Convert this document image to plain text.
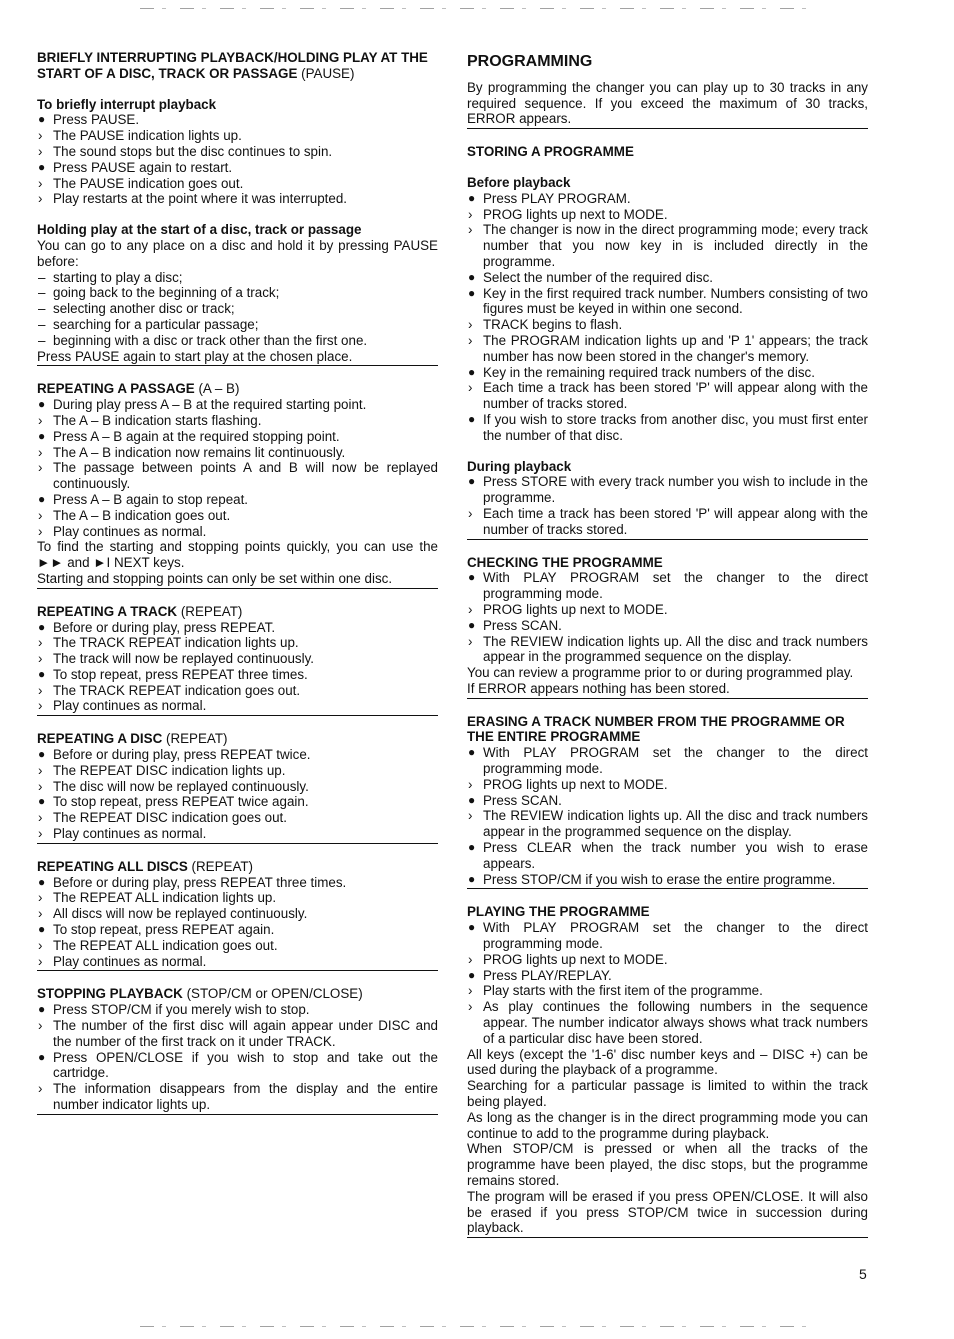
BRIEFLY INTERRUPTING PLAYBACK/HOLDING PLAY AT THE START OF A DISC, TRACK OR PASSAGE (PAUSE)

To briefly interrupt playback

● Press PAUSE.

› The PAUSE indication lights up.

› The sound stops but the disc continues to spin.

● Press PAUSE again to restart.

› The PAUSE indication goes out.

› Play restarts at the point where it was interrupted.

Holding play at the start of a disc, track or passage

You can go to any place on a disc and hold it by pressing PAUSE before:

– starting to play a disc;

– going back to the beginning of a track;

– selecting another disc or track;

– searching for a particular passage;

– beginning with a disc or track other than the first one.

Press PAUSE again to start play at the chosen place.

REPEATING A PASSAGE (A – B)

● During play press A – B at the required starting point.

› The A – B indication starts flashing.

● Press A – B again at the required stopping point.

› The A – B indication now remains lit continuously.

› The passage between points A and B will now be replayed continuously.

● Press A – B again to stop repeat.

› The A – B indication goes out.

› Play continues as normal.

To find the starting and stopping points quickly, you can use the ►► and ►I NEXT keys.

Starting and stopping points can only be set within one disc.

REPEATING A TRACK (REPEAT)

● Before or during play, press REPEAT.

› The TRACK REPEAT indication lights up.

› The track will now be replayed continuously.

● To stop repeat, press REPEAT three times.

› The TRACK REPEAT indication goes out.

› Play continues as normal.

REPEATING A DISC (REPEAT)

● Before or during play, press REPEAT twice.

› The REPEAT DISC indication lights up.

› The disc will now be replayed continuously.

● To stop repeat, press REPEAT twice again.

› The REPEAT DISC indication goes out.

› Play continues as normal.

REPEATING ALL DISCS (REPEAT)

● Before or during play, press REPEAT three times.

› The REPEAT ALL indication lights up.

› All discs will now be replayed continuously.

● To stop repeat, press REPEAT again.

› The REPEAT ALL indication goes out.

› Play continues as normal.

STOPPING PLAYBACK (STOP/CM or OPEN/CLOSE)

● Press STOP/CM if you merely wish to stop.

› The number of the first disc will again appear under DISC and the number of the first track on it under TRACK.

● Press OPEN/CLOSE if you wish to stop and take out the cartridge.

› The information disappears from the display and the entire number indicator lights up.

PROGRAMMING

By programming the changer you can play up to 30 tracks in any required sequence. If you exceed the maximum of 30 tracks, ERROR appears.

STORING A PROGRAMME

Before playback

● Press PLAY PROGRAM.

› PROG lights up next to MODE.

› The changer is now in the direct programming mode; every track number that you now key in is included directly in the programme.

● Select the number of the required disc.

● Key in the first required track number. Numbers consisting of two figures must be keyed in within one second.

› TRACK begins to flash.

› The PROGRAM indication lights up and 'P 1' appears; the track number has now been stored in the changer's memory.

● Key in the remaining required track numbers of the disc.

› Each time a track has been stored 'P' will appear along with the number of tracks stored.

● If you wish to store tracks from another disc, you must first enter the number of that disc.

During playback

● Press STORE with every track number you wish to include in the programme.

› Each time a track has been stored 'P' will appear along with the number of tracks stored.

CHECKING THE PROGRAMME

● With PLAY PROGRAM set the changer to the direct programming mode.

› PROG lights up next to MODE.

● Press SCAN.

› The REVIEW indication lights up. All the disc and track numbers appear in the programmed sequence on the display.

You can review a programme prior to or during programmed play.

If ERROR appears nothing has been stored.

ERASING A TRACK NUMBER FROM THE PROGRAMME OR THE ENTIRE PROGRAMME

● With PLAY PROGRAM set the changer to the direct programming mode.

› PROG lights up next to MODE.

● Press SCAN.

› The REVIEW indication lights up. All the disc and track numbers appear in the programmed sequence on the display.

● Press CLEAR when the track number you wish to erase appears.

● Press STOP/CM if you wish to erase the entire programme.

PLAYING THE PROGRAMME

● With PLAY PROGRAM set the changer to the direct programming mode.

› PROG lights up next to MODE.

● Press PLAY/REPLAY.

› Play starts with the first item of the programme.

› As play continues the following numbers in the sequence appear. The number indicator always shows what track numbers of a particular disc have been stored.

All keys (except the '1-6' disc number keys and – DISC +) can be used during the playback of a programme.

Searching for a particular passage is limited to within the track being played.

As long as the changer is in the direct programming mode you can continue to add to the programme during playback.

When STOP/CM is pressed or when all the tracks of the programme have been played, the disc stops, but the programme remains stored.

The program will be erased if you press OPEN/CLOSE. It will also be erased if you press STOP/CM twice in succession during playback.

5
